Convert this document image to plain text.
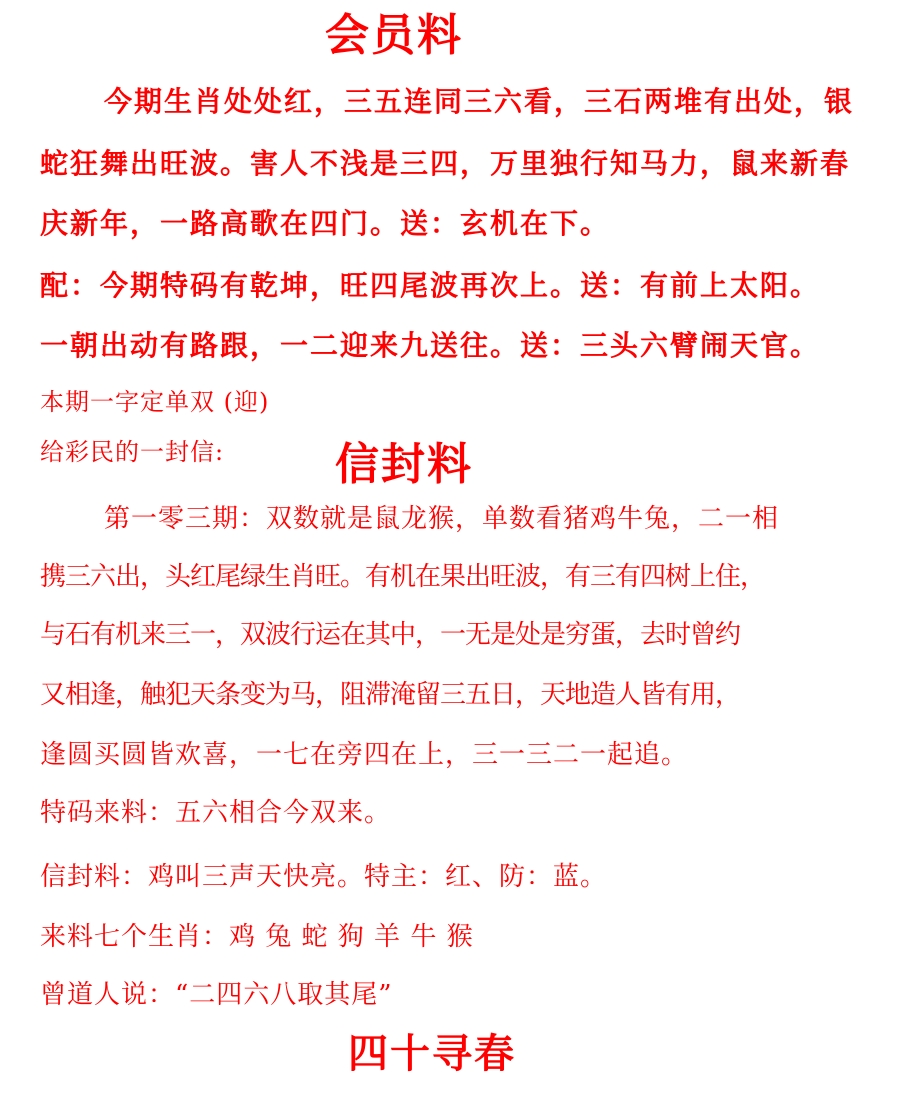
会员料
今期生肖处处红，三五连同三六看，三石两堆有出处，银
蛇狂舞出旺波。害人不浅是三四，万里独行知马力，鼠来新春
庆新年，一路高歌在四门。送：玄机在下。
配：今期特码有乾坤，旺四尾波再次上。送：有前上太阳。
一朝出动有路跟，一二迎来九送往。送：三头六臂闹天官。
本期一字定单双 (迎)
给彩民的一封信:	信封料
第一零三期：双数就是鼠龙猴，单数看猪鸡牛兔，二一相
携三六出，头红尾绿生肖旺。有机在果出旺波，有三有四树上住，
与石有机来三一，双波行运在其中，一无是处是穷蛋，去时曾约
又相逢，触犯天条变为马，阻滞淹留三五日，天地造人皆有用，
逢圆买圆皆欢喜，一七在旁四在上，三一三二一起追。
特码来料：五六相合今双来。
信封料：鸡叫三声天快亮。特主：红、防：蓝。
来料七个生肖：鸡 兔 蛇 狗 羊 牛 猴
曾道人说：“二四六八取其尾”
四十寻春
